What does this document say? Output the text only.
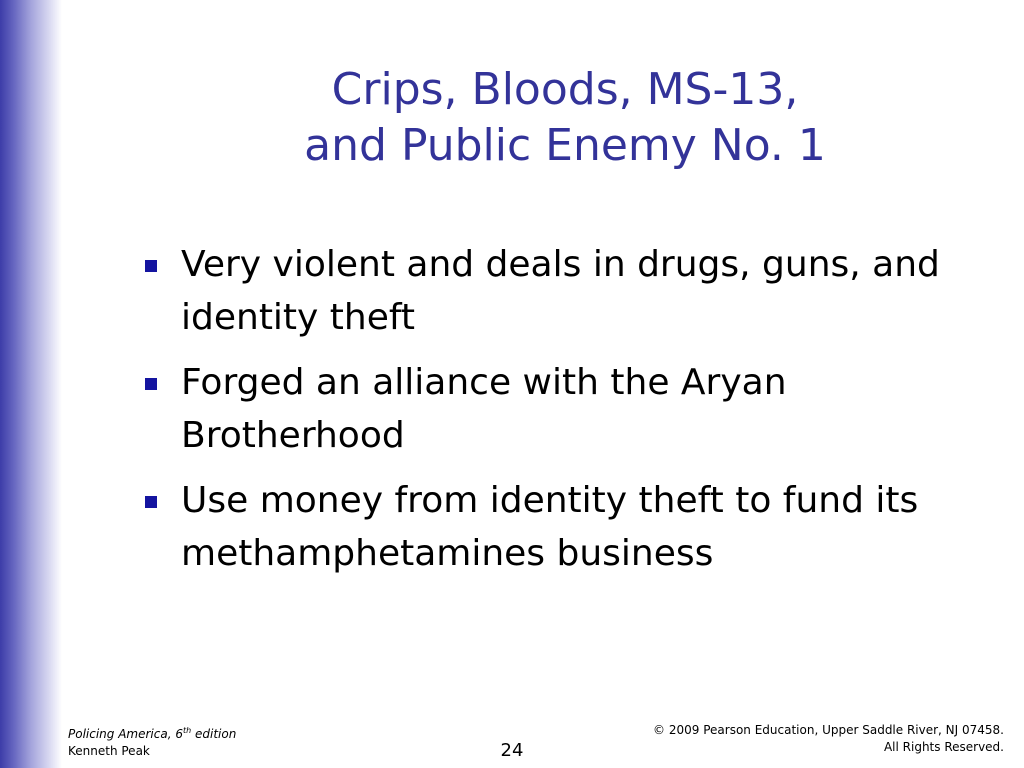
Crips, Bloods, MS-13,
and Public Enemy No. 1
Very violent and deals in drugs, guns, and identity theft
Forged an alliance with the Aryan Brotherhood
Use money from identity theft to fund its methamphetamines business
Policing America, 6th edition
Kenneth Peak	24
© 2009 Pearson Education, Upper Saddle River, NJ 07458.
All Rights Reserved.
